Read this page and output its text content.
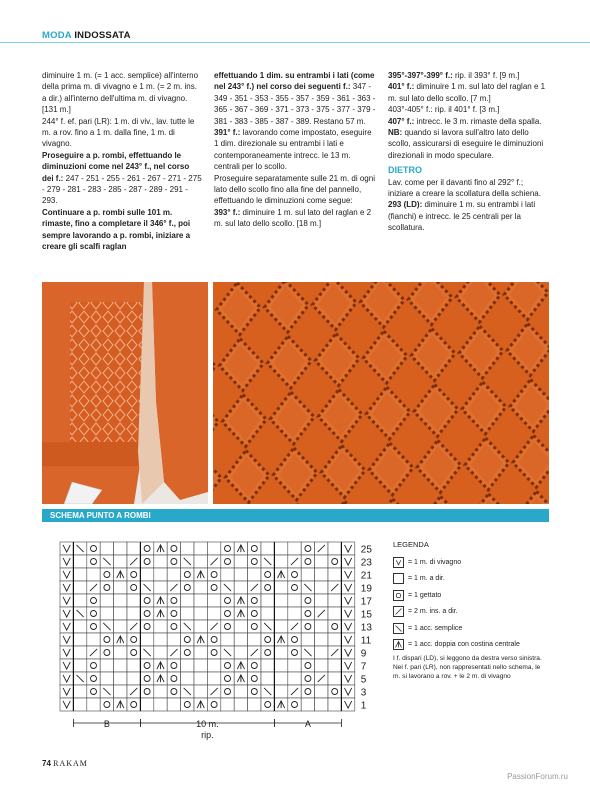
MODA INDOSSATA

diminuire 1 m. (= 1 acc. semplice) all'interno della prima m. di vivagno e 1 m. (= 2 m. ins. a dir.) all'interno dell'ultima m. di vivagno. [131 m.]

244° f. ef. pari (LR): 1 m. di viv., lav. tutte le m. a rov. fino a 1 m. dalla fine, 1 m. di vivagno.

Proseguire a p. rombi, effettuando le diminuzioni come nel 243° f., nel corso dei f.: 247 - 251 - 255 - 261 - 267 - 271 - 275 - 279 - 281 - 283 - 285 - 287 - 289 - 291 - 293.

Continuare a p. rombi sulle 101 m. rimaste, fino a completare il 346° f., poi sempre lavorando a p. rombi, iniziare a creare gli scalfi raglan

effettuando 1 dim. su entrambi i lati (come nel 243° f.) nel corso dei seguenti f.: 347 - 349 - 351 - 353 - 355 - 357 - 359 - 361 - 363 - 365 - 367 - 369 - 371 - 373 - 375 - 377 - 379 - 381 - 383 - 385 - 387 - 389. Restano 57 m.

391° f.: lavorando come impostato, eseguire 1 dim. direzionale su entrambi i lati e contemporaneamente intrecc. le 13 m. centrali per lo scollo.

Proseguire separatamente sulle 21 m. di ogni lato dello scollo fino alla fine del pannello, effettuando le diminuzioni come segue:

393° f.: diminuire 1 m. sul lato del raglan e 2 m. sul lato dello scollo. [18 m.]

395°-397°-399° f.: rip. il 393° f. [9 m.]

401° f.: diminuire 1 m. sul lato del raglan e 1 m. sul lato dello scollo. [7 m.]

403°-405° f.: rip. il 401° f. [3 m.]

407° f.: intrecc. le 3 m. rimaste della spalla.

NB: quando si lavora sull'altro lato dello scollo, assicurarsi di eseguire le diminuzioni direzionali in modo speculare.

DIETRO

Lav. come per il davanti fino al 292° f.; iniziare a creare la scollatura della schiena.

293 (LD): diminuire 1 m. su entrambi i lati (fianchi) e intrecc. le 25 centrali per la scollatura.

SCHEMA PUNTO A ROMBI
25
23
21
19
17
15
13
11
9
7
5
3
1
B	A
10 m.
rip.
LEGENDA
= 1 m. di vivagno
= 1 m. a dir.
= 1 gettato
= 2 m. ins. a dir.
= 1 acc. semplice
= 1 acc. doppia con costina centrale
I f. dispari (LD), si leggono da destra verso sinistra. Nei f. pari (LR), non rappresentati nello schema, le m. si lavorano a rov. + le 2 m. di vivagno
74 RAKAM
PassionForum.ru
